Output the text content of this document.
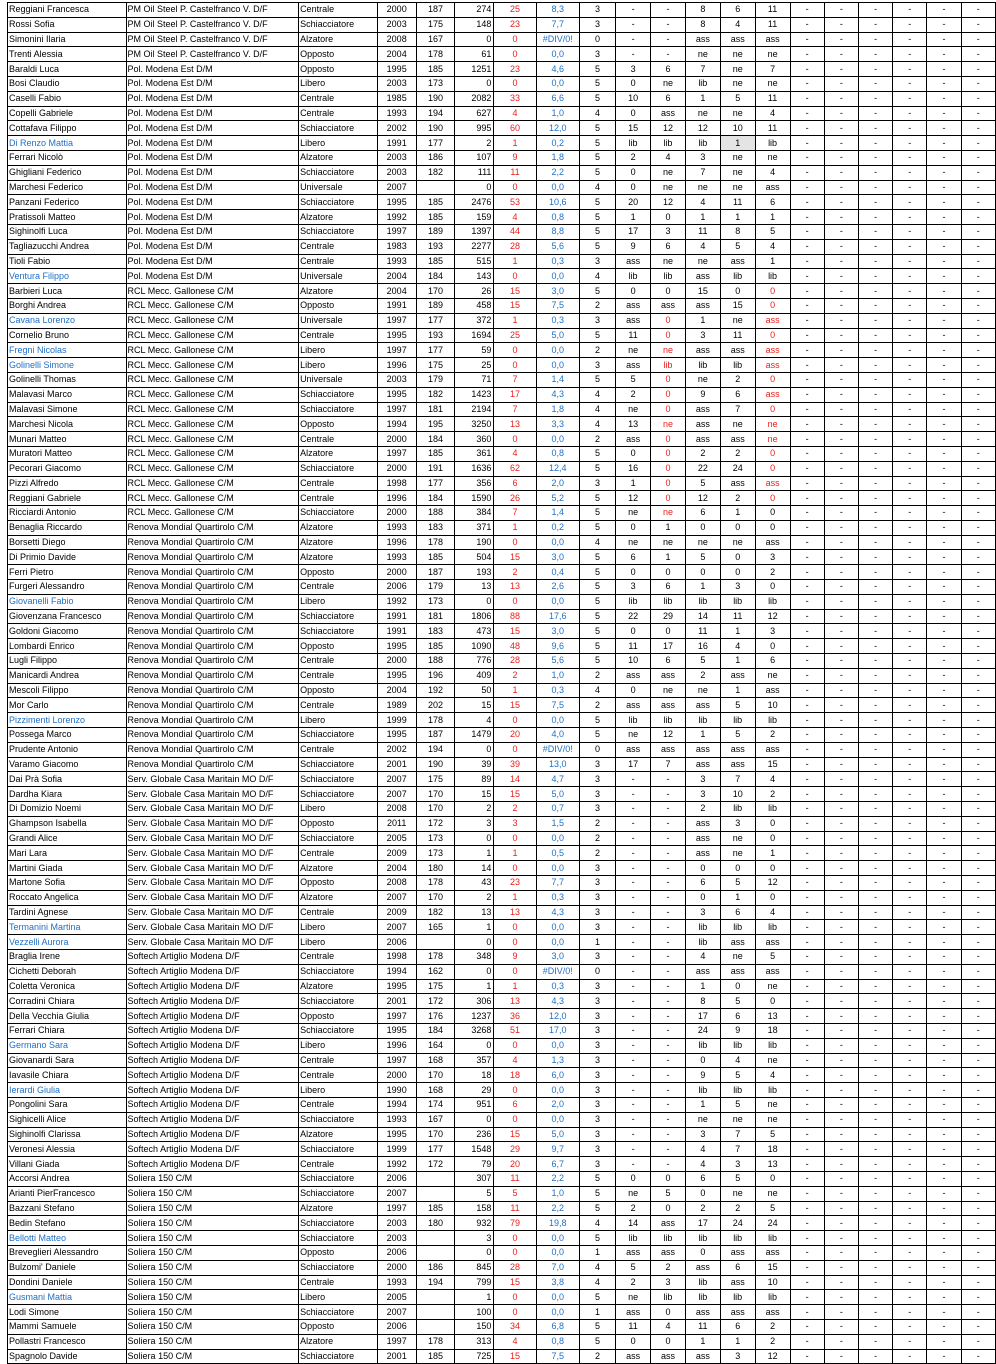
Reggiani Francesca	PM Oil Steel P. Castelfranco V. D/F	Centrale	2000	187	274	25	8,3	3	-	-	8	6	11	-	-	-	-	-	-
Rossi Sofia	PM Oil Steel P. Castelfranco V. D/F	Schiacciatore	2003	175	148	23	7,7	3	-	-	8	4	11	-	-	-	-	-	-
Simonini Ilaria	PM Oil Steel P. Castelfranco V. D/F	Alzatore	2008	167	0	0	#DIV/0!	0	-	-	ass	ass	ass	-	-	-	-	-	-
Trenti Alessia	PM Oil Steel P. Castelfranco V. D/F	Opposto	2004	178	61	0	0,0	3	-	-	ne	ne	ne	-	-	-	-	-	-
Baraldi Luca	Pol. Modena Est D/M	Opposto	1995	185	1251	23	4,6	5	3	6	7	ne	7	-	-	-	-	-	-
Bosi Claudio	Pol. Modena Est D/M	Libero	2003	173	0	0	0,0	5	0	ne	lib	ne	ne	-	-	-	-	-	-
Caselli Fabio	Pol. Modena Est D/M	Centrale	1985	190	2082	33	6,6	5	10	6	1	5	11	-	-	-	-	-	-
Copelli Gabriele	Pol. Modena Est D/M	Centrale	1993	194	627	4	1,0	4	0	ass	ne	ne	4	-	-	-	-	-	-
Cottafava Filippo	Pol. Modena Est D/M	Schiacciatore	2002	190	995	60	12,0	5	15	12	12	10	11	-	-	-	-	-	-
Di Renzo Mattia	Pol. Modena Est D/M	Libero	1991	177	2	1	0,2	5	lib	lib	lib	1	lib	-	-	-	-	-	-
Ferrari Nicolò	Pol. Modena Est D/M	Alzatore	2003	186	107	9	1,8	5	2	4	3	ne	ne	-	-	-	-	-	-
Ghigliani Federico	Pol. Modena Est D/M	Schiacciatore	2003	182	111	11	2,2	5	0	ne	7	ne	4	-	-	-	-	-	-
Marchesi Federico	Pol. Modena Est D/M	Universale	2007		0	0	0,0	4	0	ne	ne	ne	ass	-	-	-	-	-	-
Panzani Federico	Pol. Modena Est D/M	Schiacciatore	1995	185	2476	53	10,6	5	20	12	4	11	6	-	-	-	-	-	-
Pratissoli Matteo	Pol. Modena Est D/M	Alzatore	1992	185	159	4	0,8	5	1	0	1	1	1	-	-	-	-	-	-
Sighinolfi Luca	Pol. Modena Est D/M	Schiacciatore	1997	189	1397	44	8,8	5	17	3	11	8	5	-	-	-	-	-	-
Tagliazucchi Andrea	Pol. Modena Est D/M	Centrale	1983	193	2277	28	5,6	5	9	6	4	5	4	-	-	-	-	-	-
Tioli Fabio	Pol. Modena Est D/M	Centrale	1993	185	515	1	0,3	3	ass	ne	ne	ass	1	-	-	-	-	-	-
Ventura Filippo	Pol. Modena Est D/M	Universale	2004	184	143	0	0,0	4	lib	lib	ass	lib	lib	-	-	-	-	-	-
Barbieri Luca	RCL Mecc. Gallonese C/M	Alzatore	2004	170	26	15	3,0	5	0	0	15	0	0	-	-	-	-	-	-
Borghi Andrea	RCL Mecc. Gallonese C/M	Opposto	1991	189	458	15	7,5	2	ass	ass	ass	15	0	-	-	-	-	-	-
Cavana Lorenzo	RCL Mecc. Gallonese C/M	Universale	1997	177	372	1	0,3	3	ass	0	1	ne	ass	-	-	-	-	-	-
Cornelio Bruno	RCL Mecc. Gallonese C/M	Centrale	1995	193	1694	25	5,0	5	11	0	3	11	0	-	-	-	-	-	-
Fregni Nicolas	RCL Mecc. Gallonese C/M	Libero	1997	177	59	0	0,0	2	ne	ne	ass	ass	ass	-	-	-	-	-	-
Golinelli Simone	RCL Mecc. Gallonese C/M	Libero	1996	175	25	0	0,0	3	ass	lib	lib	lib	ass	-	-	-	-	-	-
Golinelli Thomas	RCL Mecc. Gallonese C/M	Universale	2003	179	71	7	1,4	5	5	0	ne	2	0	-	-	-	-	-	-
Malavasi Marco	RCL Mecc. Gallonese C/M	Schiacciatore	1995	182	1423	17	4,3	4	2	0	9	6	ass	-	-	-	-	-	-
Malavasi Simone	RCL Mecc. Gallonese C/M	Schiacciatore	1997	181	2194	7	1,8	4	ne	0	ass	7	0	-	-	-	-	-	-
Marchesi Nicola	RCL Mecc. Gallonese C/M	Opposto	1994	195	3250	13	3,3	4	13	ne	ass	ne	ne	-	-	-	-	-	-
Munari Matteo	RCL Mecc. Gallonese C/M	Centrale	2000	184	360	0	0,0	2	ass	0	ass	ass	ne	-	-	-	-	-	-
Muratori Matteo	RCL Mecc. Gallonese C/M	Alzatore	1997	185	361	4	0,8	5	0	0	2	2	0	-	-	-	-	-	-
Pecorari Giacomo	RCL Mecc. Gallonese C/M	Schiacciatore	2000	191	1636	62	12,4	5	16	0	22	24	0	-	-	-	-	-	-
Pizzi Alfredo	RCL Mecc. Gallonese C/M	Centrale	1998	177	356	6	2,0	3	1	0	5	ass	ass	-	-	-	-	-	-
Reggiani Gabriele	RCL Mecc. Gallonese C/M	Centrale	1996	184	1590	26	5,2	5	12	0	12	2	0	-	-	-	-	-	-
Ricciardi Antonio	RCL Mecc. Gallonese C/M	Schiacciatore	2000	188	384	7	1,4	5	ne	ne	6	1	0	-	-	-	-	-	-
Benaglia Riccardo	Renova Mondial Quartirolo C/M	Alzatore	1993	183	371	1	0,2	5	0	1	0	0	0	-	-	-	-	-	-
Borsetti Diego	Renova Mondial Quartirolo C/M	Alzatore	1996	178	190	0	0,0	4	ne	ne	ne	ne	ass	-	-	-	-	-	-
Di Primio Davide	Renova Mondial Quartirolo C/M	Alzatore	1993	185	504	15	3,0	5	6	1	5	0	3	-	-	-	-	-	-
Ferri Pietro	Renova Mondial Quartirolo C/M	Opposto	2000	187	193	2	0,4	5	0	0	0	0	2	-	-	-	-	-	-
Furgeri Alessandro	Renova Mondial Quartirolo C/M	Centrale	2006	179	13	13	2,6	5	3	6	1	3	0	-	-	-	-	-	-
Giovanelli Fabio	Renova Mondial Quartirolo C/M	Libero	1992	173	0	0	0,0	5	lib	lib	lib	lib	lib	-	-	-	-	-	-
Giovenzana Francesco	Renova Mondial Quartirolo C/M	Schiacciatore	1991	181	1806	88	17,6	5	22	29	14	11	12	-	-	-	-	-	-
Goldoni Giacomo	Renova Mondial Quartirolo C/M	Schiacciatore	1991	183	473	15	3,0	5	0	0	11	1	3	-	-	-	-	-	-
Lombardi Enrico	Renova Mondial Quartirolo C/M	Opposto	1995	185	1090	48	9,6	5	11	17	16	4	0	-	-	-	-	-	-
Lugli Filippo	Renova Mondial Quartirolo C/M	Centrale	2000	188	776	28	5,6	5	10	6	5	1	6	-	-	-	-	-	-
Manicardi Andrea	Renova Mondial Quartirolo C/M	Centrale	1995	196	409	2	1,0	2	ass	ass	2	ass	ne	-	-	-	-	-	-
Mescoli Filippo	Renova Mondial Quartirolo C/M	Opposto	2004	192	50	1	0,3	4	0	ne	ne	1	ass	-	-	-	-	-	-
Mor Carlo	Renova Mondial Quartirolo C/M	Centrale	1989	202	15	15	7,5	2	ass	ass	ass	5	10	-	-	-	-	-	-
Pizzimenti Lorenzo	Renova Mondial Quartirolo C/M	Libero	1999	178	4	0	0,0	5	lib	lib	lib	lib	lib	-	-	-	-	-	-
Possega Marco	Renova Mondial Quartirolo C/M	Schiacciatore	1995	187	1479	20	4,0	5	ne	12	1	5	2	-	-	-	-	-	-
Prudente Antonio	Renova Mondial Quartirolo C/M	Centrale	2002	194	0	0	#DIV/0!	0	ass	ass	ass	ass	ass	-	-	-	-	-	-
Varamo Giacomo	Renova Mondial Quartirolo C/M	Schiacciatore	2001	190	39	39	13,0	3	17	7	ass	ass	15	-	-	-	-	-	-
Dai Prà Sofia	Serv. Globale Casa Maritain MO D/F	Schiacciatore	2007	175	89	14	4,7	3	-	-	3	7	4	-	-	-	-	-	-
Dardha Kiara	Serv. Globale Casa Maritain MO D/F	Schiacciatore	2007	170	15	15	5,0	3	-	-	3	10	2	-	-	-	-	-	-
Di Domizio Noemi	Serv. Globale Casa Maritain MO D/F	Libero	2008	170	2	2	0,7	3	-	-	2	lib	lib	-	-	-	-	-	-
Ghampson Isabella	Serv. Globale Casa Maritain MO D/F	Opposto	2011	172	3	3	1,5	2	-	-	ass	3	0	-	-	-	-	-	-
Grandi Alice	Serv. Globale Casa Maritain MO D/F	Schiacciatore	2005	173	0	0	0,0	2	-	-	ass	ne	0	-	-	-	-	-	-
Mari Lara	Serv. Globale Casa Maritain MO D/F	Centrale	2009	173	1	1	0,5	2	-	-	ass	ne	1	-	-	-	-	-	-
Martini Giada	Serv. Globale Casa Maritain MO D/F	Alzatore	2004	180	14	0	0,0	3	-	-	0	0	0	-	-	-	-	-	-
Martone Sofia	Serv. Globale Casa Maritain MO D/F	Opposto	2008	178	43	23	7,7	3	-	-	6	5	12	-	-	-	-	-	-
Roccato Angelica	Serv. Globale Casa Maritain MO D/F	Alzatore	2007	170	2	1	0,3	3	-	-	0	1	0	-	-	-	-	-	-
Tardini Agnese	Serv. Globale Casa Maritain MO D/F	Centrale	2009	182	13	13	4,3	3	-	-	3	6	4	-	-	-	-	-	-
Termanini Martina	Serv. Globale Casa Maritain MO D/F	Libero	2007	165	1	0	0,0	3	-	-	lib	lib	lib	-	-	-	-	-	-
Vezzelli Aurora	Serv. Globale Casa Maritain MO D/F	Libero	2006		0	0	0,0	1	-	-	lib	ass	ass	-	-	-	-	-	-
Braglia Irene	Softech Artiglio Modena D/F	Centrale	1998	178	348	9	3,0	3	-	-	4	ne	5	-	-	-	-	-	-
Cichetti Deborah	Softech Artiglio Modena D/F	Schiacciatore	1994	162	0	0	#DIV/0!	0	-	-	ass	ass	ass	-	-	-	-	-	-
Coletta Veronica	Softech Artiglio Modena D/F	Alzatore	1995	175	1	1	0,3	3	-	-	1	0	ne	-	-	-	-	-	-
Corradini Chiara	Softech Artiglio Modena D/F	Schiacciatore	2001	172	306	13	4,3	3	-	-	8	5	0	-	-	-	-	-	-
Della Vecchia Giulia	Softech Artiglio Modena D/F	Opposto	1997	176	1237	36	12,0	3	-	-	17	6	13	-	-	-	-	-	-
Ferrari Chiara	Softech Artiglio Modena D/F	Schiacciatore	1995	184	3268	51	17,0	3	-	-	24	9	18	-	-	-	-	-	-
Germano Sara	Softech Artiglio Modena D/F	Libero	1996	164	0	0	0,0	3	-	-	lib	lib	lib	-	-	-	-	-	-
Giovanardi Sara	Softech Artiglio Modena D/F	Centrale	1997	168	357	4	1,3	3	-	-	0	4	ne	-	-	-	-	-	-
Iavasile Chiara	Softech Artiglio Modena D/F	Centrale	2000	170	18	18	6,0	3	-	-	9	5	4	-	-	-	-	-	-
Ierardi Giulia	Softech Artiglio Modena D/F	Libero	1990	168	29	0	0,0	3	-	-	lib	lib	lib	-	-	-	-	-	-
Pongolini Sara	Softech Artiglio Modena D/F	Centrale	1994	174	951	6	2,0	3	-	-	1	5	ne	-	-	-	-	-	-
Sighicelli Alice	Softech Artiglio Modena D/F	Schiacciatore	1993	167	0	0	0,0	3	-	-	ne	ne	ne	-	-	-	-	-	-
Sighinolfi Clarissa	Softech Artiglio Modena D/F	Alzatore	1995	170	236	15	5,0	3	-	-	3	7	5	-	-	-	-	-	-
Veronesi Alessia	Softech Artiglio Modena D/F	Schiacciatore	1999	177	1548	29	9,7	3	-	-	4	7	18	-	-	-	-	-	-
Villani Giada	Softech Artiglio Modena D/F	Centrale	1992	172	79	20	6,7	3	-	-	4	3	13	-	-	-	-	-	-
Accorsi Andrea	Soliera 150 C/M	Schiacciatore	2006		307	11	2,2	5	0	0	6	5	0	-	-	-	-	-	-
Arianti PierFrancesco	Soliera 150 C/M	Schiacciatore	2007		5	5	1,0	5	ne	5	0	ne	ne	-	-	-	-	-	-
Bazzani Stefano	Soliera 150 C/M	Alzatore	1997	185	158	11	2,2	5	2	0	2	2	5	-	-	-	-	-	-
Bedin Stefano	Soliera 150 C/M	Schiacciatore	2003	180	932	79	19,8	4	14	ass	17	24	24	-	-	-	-	-	-
Bellotti Matteo	Soliera 150 C/M	Schiacciatore	2003		3	0	0,0	5	lib	lib	lib	lib	lib	-	-	-	-	-	-
Breveglieri Alessandro	Soliera 150 C/M	Opposto	2006		0	0	0,0	1	ass	ass	0	ass	ass	-	-	-	-	-	-
Bulzomi' Daniele	Soliera 150 C/M	Schiacciatore	2000	186	845	28	7,0	4	5	2	ass	6	15	-	-	-	-	-	-
Dondini Daniele	Soliera 150 C/M	Centrale	1993	194	799	15	3,8	4	2	3	lib	ass	10	-	-	-	-	-	-
Gusmani Mattia	Soliera 150 C/M	Libero	2005		1	0	0,0	5	ne	lib	lib	lib	lib	-	-	-	-	-	-
Lodi Simone	Soliera 150 C/M	Schiacciatore	2007		100	0	0,0	1	ass	0	ass	ass	ass	-	-	-	-	-	-
Mammi Samuele	Soliera 150 C/M	Opposto	2006		150	34	6,8	5	11	4	11	6	2	-	-	-	-	-	-
Pollastri Francesco	Soliera 150 C/M	Alzatore	1997	178	313	4	0,8	5	0	0	1	1	2	-	-	-	-	-	-
Spagnolo Davide	Soliera 150 C/M	Schiacciatore	2001	185	725	15	7,5	2	ass	ass	ass	3	12	-	-	-	-	-	-
